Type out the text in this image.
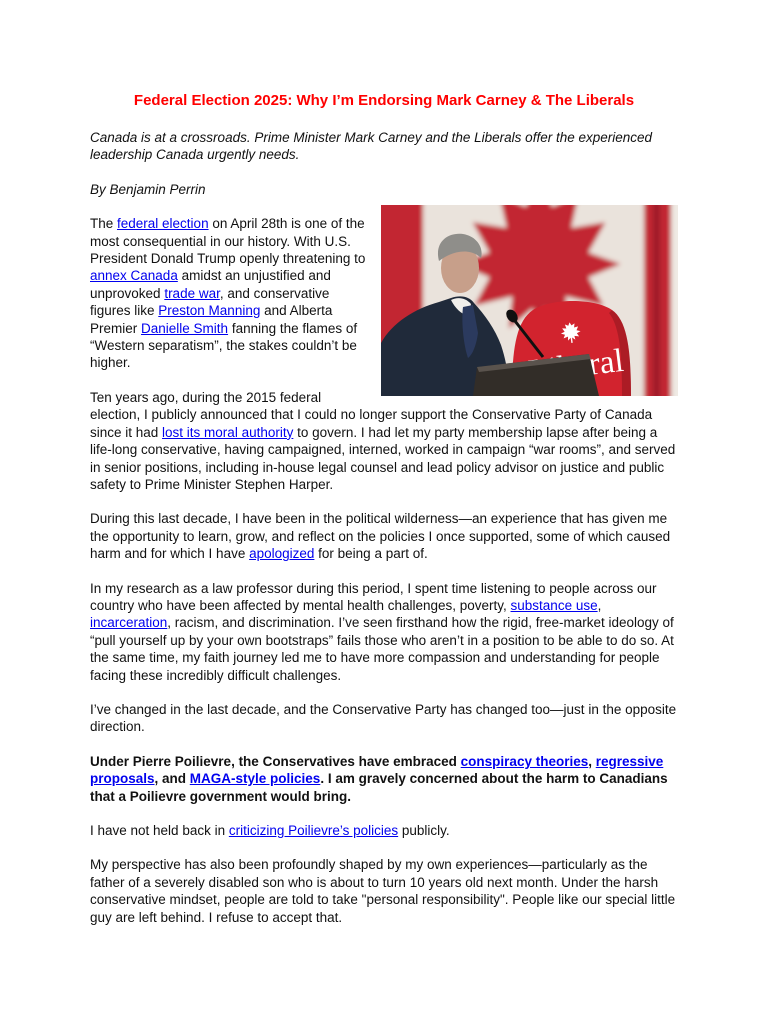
Federal Election 2025: Why I’m Endorsing Mark Carney & The Liberals

Canada is at a crossroads. Prime Minister Mark Carney and the Liberals offer the experienced leadership Canada urgently needs.

By Benjamin Perrin

The federal election on April 28th is one of the most consequential in our history. With U.S. President Donald Trump openly threatening to annex Canada amidst an unjustified and unprovoked trade war, and conservative figures like Preston Manning and Alberta Premier Danielle Smith fanning the flames of “Western separatism”, the stakes couldn’t be higher.

Ten years ago, during the 2015 federal election, I publicly announced that I could no longer support the Conservative Party of Canada since it had lost its moral authority to govern. I had let my party membership lapse after being a life-long conservative, having campaigned, interned, worked in campaign “war rooms”, and served in senior positions, including in-house legal counsel and lead policy advisor on justice and public safety to Prime Minister Stephen Harper.

During this last decade, I have been in the political wilderness—an experience that has given me the opportunity to learn, grow, and reflect on the policies I once supported, some of which caused harm and for which I have apologized for being a part of.

In my research as a law professor during this period, I spent time listening to people across our country who have been affected by mental health challenges, poverty, substance use, incarceration, racism, and discrimination. I’ve seen firsthand how the rigid, free-market ideology of “pull yourself up by your own bootstraps” fails those who aren’t in a position to be able to do so. At the same time, my faith journey led me to have more compassion and understanding for people facing these incredibly difficult challenges.

I’ve changed in the last decade, and the Conservative Party has changed too—just in the opposite direction.

Under Pierre Poilievre, the Conservatives have embraced conspiracy theories, regressive proposals, and MAGA-style policies. I am gravely concerned about the harm to Canadians that a Poilievre government would bring.

I have not held back in criticizing Poilievre’s policies publicly.

My perspective has also been profoundly shaped by my own experiences—particularly as the father of a severely disabled son who is about to turn 10 years old next month. Under the harsh conservative mindset, people are told to take "personal responsibility". People like our special little guy are left behind. I refuse to accept that.
